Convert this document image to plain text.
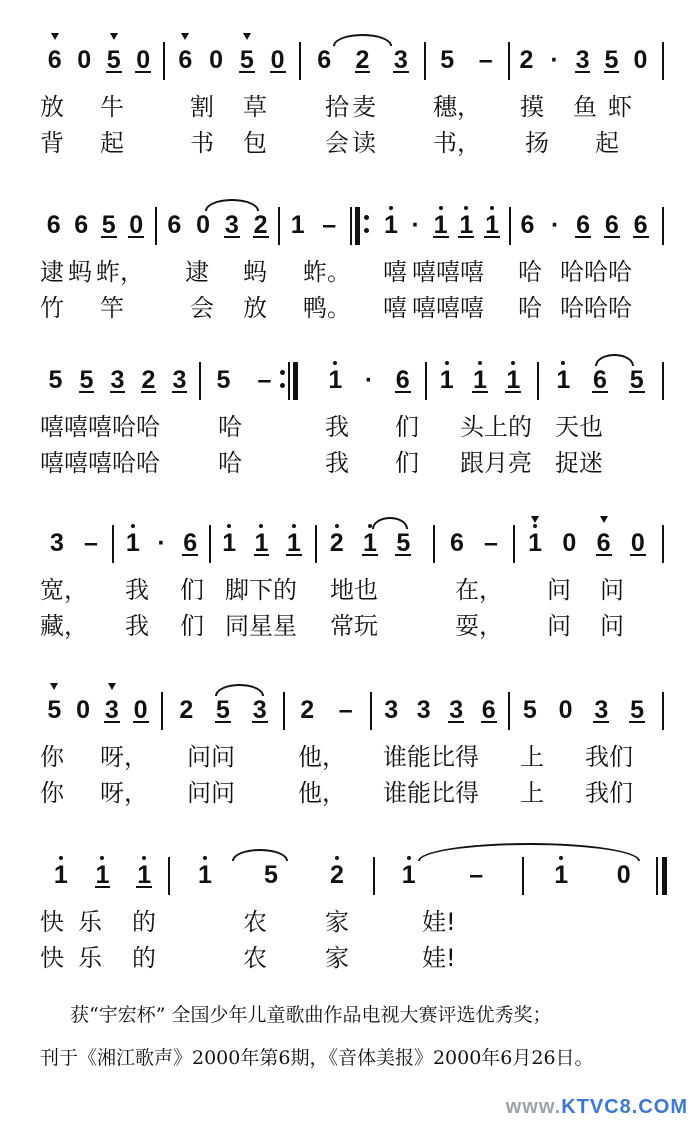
6 0 5 0 6 0 5 0 6 2 3 5 – 2 · 3 5 0
放 牛	割 草 拾 麦 穗， 摸 鱼 虾
背 起	书 包 会 读 书， 扬 起
6 6 5 0 6 0 3 2 1 – 1 · 1 1 1 6 · 6 6 6
逮 蚂 蚱， 逮 蚂 蚱。 嘻 嘻嘻嘻 哈 哈哈哈
竹 竿	会 放 鸭。 嘻 嘻嘻嘻 哈 哈哈哈
5 5 3 2 3 5 – 1 · 6 1 1 1 1 6 5
嘻嘻嘻哈哈 哈	我 们 头上的 天也
嘻嘻嘻哈哈 哈	我 们 跟月亮 捉迷
3 – 1 · 6 1 1 1 2 1 5 6 – 1 0 6 0
宽， 我 们 脚下的 地也	在， 问 问
藏， 我 们 同星星 常玩	耍， 问 问
5 0 3 0 2 5 3 2 – 3 3 3 6 5 0 3 5
你 呀， 问问	他， 谁能比得 上 我们
你 呀， 问问	他， 谁能比得 上 我们
1 1 1 1 5 2 1 –	1 0
快 乐 的	农 家	娃!
快 乐 的	农 家	娃!
获“宇宏杯” 全国少年儿童歌曲作品电视大赛评选优秀奖；
刊于《湘江歌声》2000年第6期，《音体美报》2000年6月26日。
www.KTVC8.COM
